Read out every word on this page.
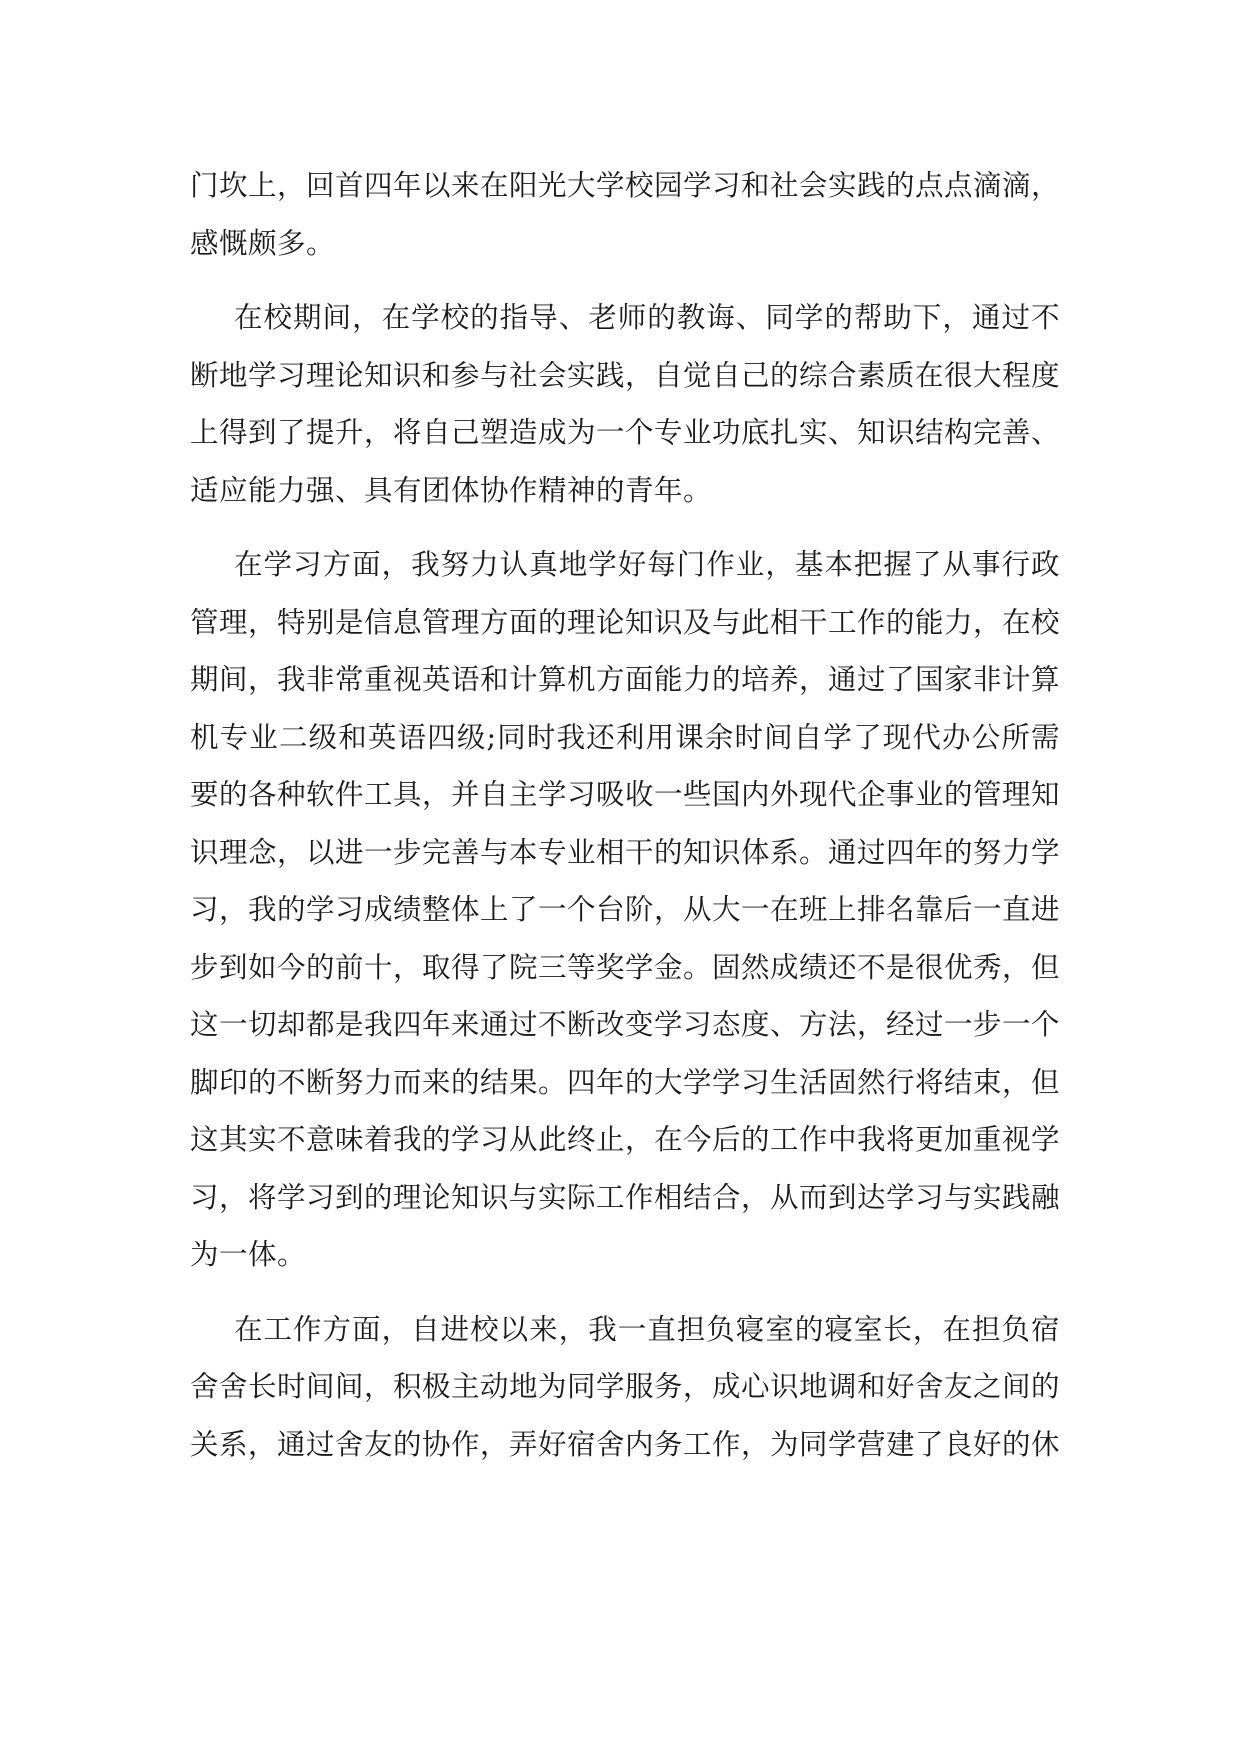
门坎上，回首四年以来在阳光大学校园学习和社会实践的点点滴滴，
感慨颇多。
在校期间，在学校的指导、老师的教诲、同学的帮助下，通过不
断地学习理论知识和参与社会实践，自觉自己的综合素质在很大程度
上得到了提升，将自己塑造成为一个专业功底扎实、知识结构完善、
适应能力强、具有团体协作精神的青年。
在学习方面，我努力认真地学好每门作业，基本把握了从事行政
管理，特别是信息管理方面的理论知识及与此相干工作的能力，在校
期间，我非常重视英语和计算机方面能力的培养，通过了国家非计算
机专业二级和英语四级;同时我还利用课余时间自学了现代办公所需
要的各种软件工具，并自主学习吸收一些国内外现代企事业的管理知
识理念，以进一步完善与本专业相干的知识体系。通过四年的努力学
习，我的学习成绩整体上了一个台阶，从大一在班上排名靠后一直进
步到如今的前十，取得了院三等奖学金。固然成绩还不是很优秀，但
这一切却都是我四年来通过不断改变学习态度、方法，经过一步一个
脚印的不断努力而来的结果。四年的大学学习生活固然行将结束，但
这其实不意味着我的学习从此终止，在今后的工作中我将更加重视学
习，将学习到的理论知识与实际工作相结合，从而到达学习与实践融
为一体。
在工作方面，自进校以来，我一直担负寝室的寝室长，在担负宿
舍舍长时间间，积极主动地为同学服务，成心识地调和好舍友之间的
关系，通过舍友的协作，弄好宿舍内务工作，为同学营建了良好的休
